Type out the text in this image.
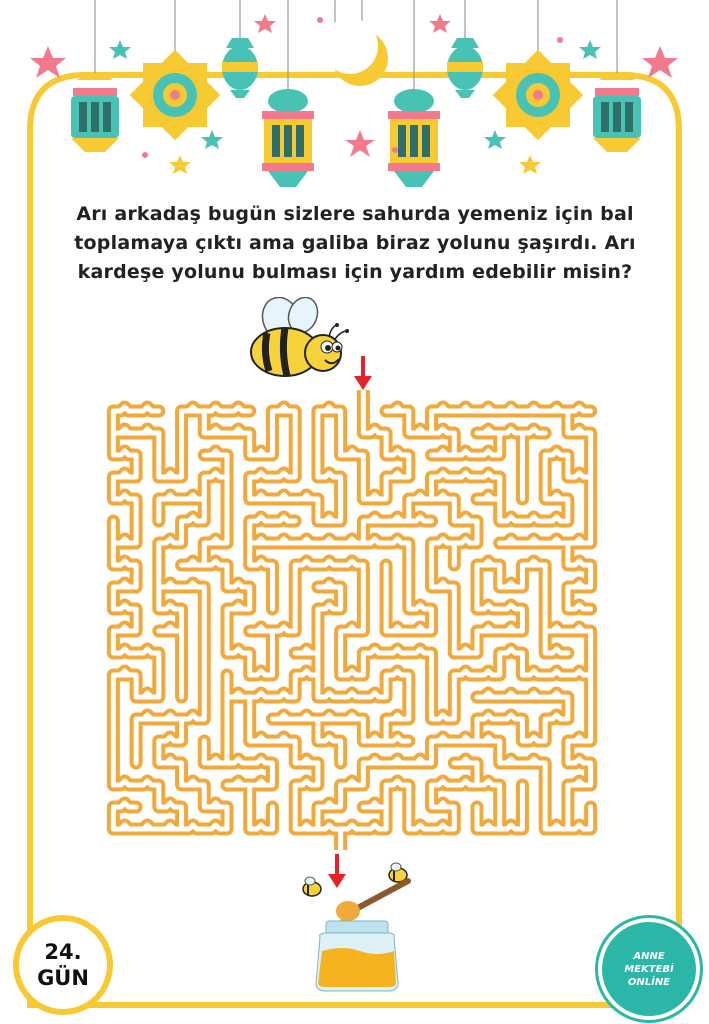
Arı arkadaş bugün sizlere sahurda yemeniz için bal
toplamaya çıktı ama galiba biraz yolunu şaşırdı. Arı
kardeşe yolunu bulması için yardım edebilir misin?
24.
GÜN
ANNE
MEKTEBİ
ONLİNE
